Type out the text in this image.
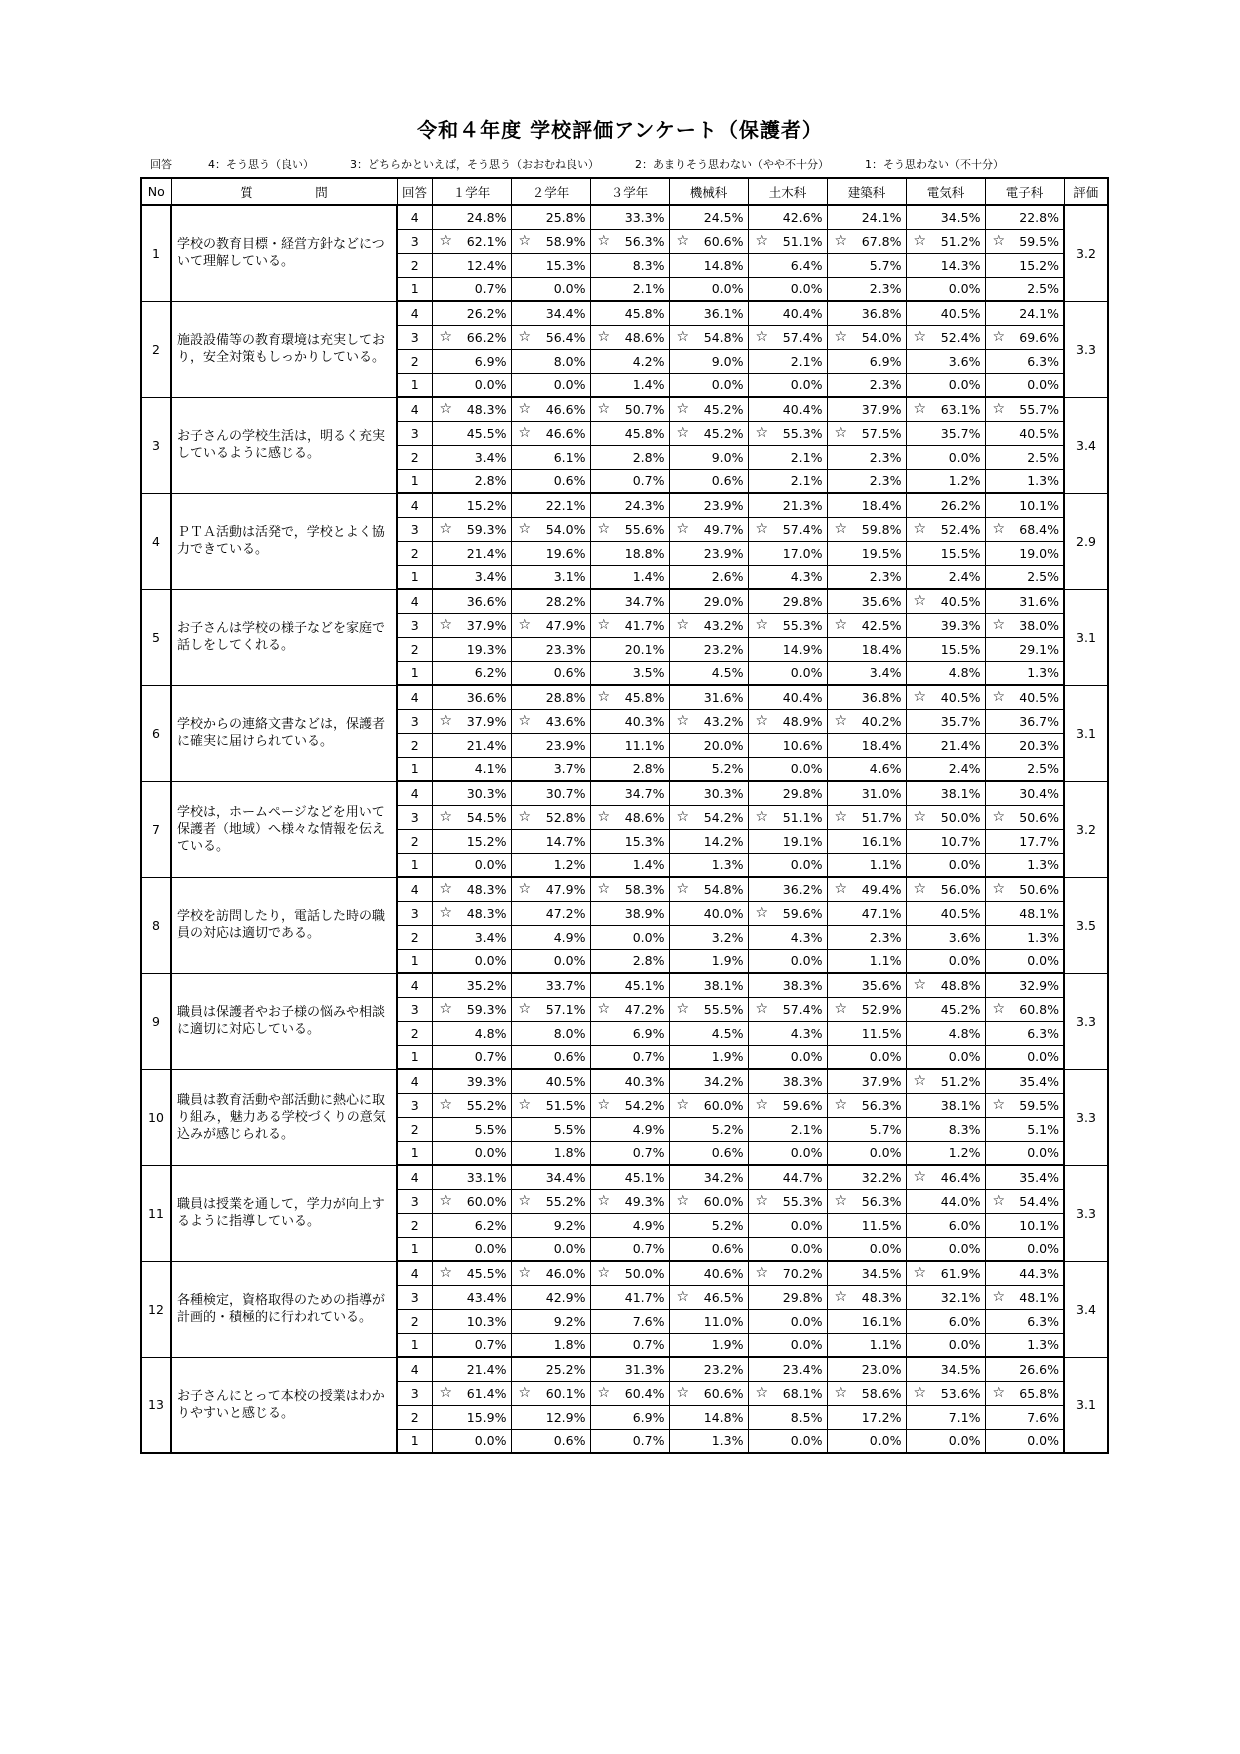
令和４年度 学校評価アンケート（保護者）
回答	4：そう思う（良い）	3：どちらかといえば，そう思う（おおむね良い）	2：あまりそう思わない（やや不十分）	1：そう思わない（不十分）
No	質　　　　　問	回答	１学年	２学年	３学年	機械科	土木科	建築科	電気科	電子科	評価
1	学校の教育目標・経営方針などについて理解している。	4	24.8%	25.8%	33.3%	24.5%	42.6%	24.1%	34.5%	22.8%	3.2
		3	☆ 62.1%	☆ 58.9%	☆ 56.3%	☆ 60.6%	☆ 51.1%	☆ 67.8%	☆ 51.2%	☆ 59.5%	
		2	12.4%	15.3%	8.3%	14.8%	6.4%	5.7%	14.3%	15.2%	
		1	0.7%	0.0%	2.1%	0.0%	0.0%	2.3%	0.0%	2.5%	
2	施設設備等の教育環境は充実しており，安全対策もしっかりしている。	4	26.2%	34.4%	45.8%	36.1%	40.4%	36.8%	40.5%	24.1%	3.3
		3	☆ 66.2%	☆ 56.4%	☆ 48.6%	☆ 54.8%	☆ 57.4%	☆ 54.0%	☆ 52.4%	☆ 69.6%	
		2	6.9%	8.0%	4.2%	9.0%	2.1%	6.9%	3.6%	6.3%	
		1	0.0%	0.0%	1.4%	0.0%	0.0%	2.3%	0.0%	0.0%	
3	お子さんの学校生活は，明るく充実しているように感じる。	4	☆ 48.3%	☆ 46.6%	☆ 50.7%	☆ 45.2%	40.4%	37.9%	☆ 63.1%	☆ 55.7%	3.4
		3	45.5%	☆ 46.6%	45.8%	☆ 45.2%	☆ 55.3%	☆ 57.5%	35.7%	40.5%	
		2	3.4%	6.1%	2.8%	9.0%	2.1%	2.3%	0.0%	2.5%	
		1	2.8%	0.6%	0.7%	0.6%	2.1%	2.3%	1.2%	1.3%	
4	ＰＴＡ活動は活発で，学校とよく協力できている。	4	15.2%	22.1%	24.3%	23.9%	21.3%	18.4%	26.2%	10.1%	2.9
		3	☆ 59.3%	☆ 54.0%	☆ 55.6%	☆ 49.7%	☆ 57.4%	☆ 59.8%	☆ 52.4%	☆ 68.4%	
		2	21.4%	19.6%	18.8%	23.9%	17.0%	19.5%	15.5%	19.0%	
		1	3.4%	3.1%	1.4%	2.6%	4.3%	2.3%	2.4%	2.5%	
5	お子さんは学校の様子などを家庭で話しをしてくれる。	4	36.6%	28.2%	34.7%	29.0%	29.8%	35.6%	☆ 40.5%	31.6%	3.1
		3	☆ 37.9%	☆ 47.9%	☆ 41.7%	☆ 43.2%	☆ 55.3%	☆ 42.5%	39.3%	☆ 38.0%	
		2	19.3%	23.3%	20.1%	23.2%	14.9%	18.4%	15.5%	29.1%	
		1	6.2%	0.6%	3.5%	4.5%	0.0%	3.4%	4.8%	1.3%	
6	学校からの連絡文書などは，保護者に確実に届けられている。	4	36.6%	28.8%	☆ 45.8%	31.6%	40.4%	36.8%	☆ 40.5%	☆ 40.5%	3.1
		3	☆ 37.9%	☆ 43.6%	40.3%	☆ 43.2%	☆ 48.9%	☆ 40.2%	35.7%	36.7%	
		2	21.4%	23.9%	11.1%	20.0%	10.6%	18.4%	21.4%	20.3%	
		1	4.1%	3.7%	2.8%	5.2%	0.0%	4.6%	2.4%	2.5%	
7	学校は，ホームページなどを用いて保護者（地域）へ様々な情報を伝えている。	4	30.3%	30.7%	34.7%	30.3%	29.8%	31.0%	38.1%	30.4%	3.2
		3	☆ 54.5%	☆ 52.8%	☆ 48.6%	☆ 54.2%	☆ 51.1%	☆ 51.7%	☆ 50.0%	☆ 50.6%	
		2	15.2%	14.7%	15.3%	14.2%	19.1%	16.1%	10.7%	17.7%	
		1	0.0%	1.2%	1.4%	1.3%	0.0%	1.1%	0.0%	1.3%	
8	学校を訪問したり，電話した時の職員の対応は適切である。	4	☆ 48.3%	☆ 47.9%	☆ 58.3%	☆ 54.8%	36.2%	☆ 49.4%	☆ 56.0%	☆ 50.6%	3.5
		3	☆ 48.3%	47.2%	38.9%	40.0%	☆ 59.6%	47.1%	40.5%	48.1%	
		2	3.4%	4.9%	0.0%	3.2%	4.3%	2.3%	3.6%	1.3%	
		1	0.0%	0.0%	2.8%	1.9%	0.0%	1.1%	0.0%	0.0%	
9	職員は保護者やお子様の悩みや相談に適切に対応している。	4	35.2%	33.7%	45.1%	38.1%	38.3%	35.6%	☆ 48.8%	32.9%	3.3
		3	☆ 59.3%	☆ 57.1%	☆ 47.2%	☆ 55.5%	☆ 57.4%	☆ 52.9%	45.2%	☆ 60.8%	
		2	4.8%	8.0%	6.9%	4.5%	4.3%	11.5%	4.8%	6.3%	
		1	0.7%	0.6%	0.7%	1.9%	0.0%	0.0%	0.0%	0.0%	
10	職員は教育活動や部活動に熱心に取り組み，魅力ある学校づくりの意気込みが感じられる。	4	39.3%	40.5%	40.3%	34.2%	38.3%	37.9%	☆ 51.2%	35.4%	3.3
		3	☆ 55.2%	☆ 51.5%	☆ 54.2%	☆ 60.0%	☆ 59.6%	☆ 56.3%	38.1%	☆ 59.5%	
		2	5.5%	5.5%	4.9%	5.2%	2.1%	5.7%	8.3%	5.1%	
		1	0.0%	1.8%	0.7%	0.6%	0.0%	0.0%	1.2%	0.0%	
11	職員は授業を通して，学力が向上するように指導している。	4	33.1%	34.4%	45.1%	34.2%	44.7%	32.2%	☆ 46.4%	35.4%	3.3
		3	☆ 60.0%	☆ 55.2%	☆ 49.3%	☆ 60.0%	☆ 55.3%	☆ 56.3%	44.0%	☆ 54.4%	
		2	6.2%	9.2%	4.9%	5.2%	0.0%	11.5%	6.0%	10.1%	
		1	0.0%	0.0%	0.7%	0.6%	0.0%	0.0%	0.0%	0.0%	
12	各種検定，資格取得のための指導が計画的・積極的に行われている。	4	☆ 45.5%	☆ 46.0%	☆ 50.0%	40.6%	☆ 70.2%	34.5%	☆ 61.9%	44.3%	3.4
		3	43.4%	42.9%	41.7%	☆ 46.5%	29.8%	☆ 48.3%	32.1%	☆ 48.1%	
		2	10.3%	9.2%	7.6%	11.0%	0.0%	16.1%	6.0%	6.3%	
		1	0.7%	1.8%	0.7%	1.9%	0.0%	1.1%	0.0%	1.3%	
13	お子さんにとって本校の授業はわかりやすいと感じる。	4	21.4%	25.2%	31.3%	23.2%	23.4%	23.0%	34.5%	26.6%	3.1
		3	☆ 61.4%	☆ 60.1%	☆ 60.4%	☆ 60.6%	☆ 68.1%	☆ 58.6%	☆ 53.6%	☆ 65.8%	
		2	15.9%	12.9%	6.9%	14.8%	8.5%	17.2%	7.1%	7.6%	
		1	0.0%	0.6%	0.7%	1.3%	0.0%	0.0%	0.0%	0.0%	
